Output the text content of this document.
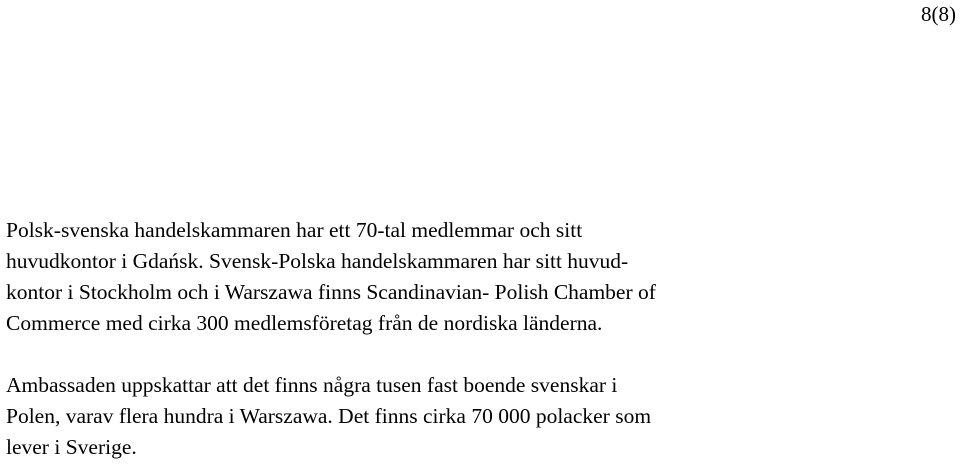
8(8)

Polsk-svenska handelskammaren har ett 70-tal medlemmar och sitt
huvudkontor i Gdańsk. Svensk-Polska handelskammaren har sitt huvud-
kontor i Stockholm och i Warszawa finns Scandinavian- Polish Chamber of
Commerce med cirka 300 medlemsföretag från de nordiska länderna.

Ambassaden uppskattar att det finns några tusen fast boende svenskar i
Polen, varav flera hundra i Warszawa. Det finns cirka 70 000 polacker som
lever i Sverige.
